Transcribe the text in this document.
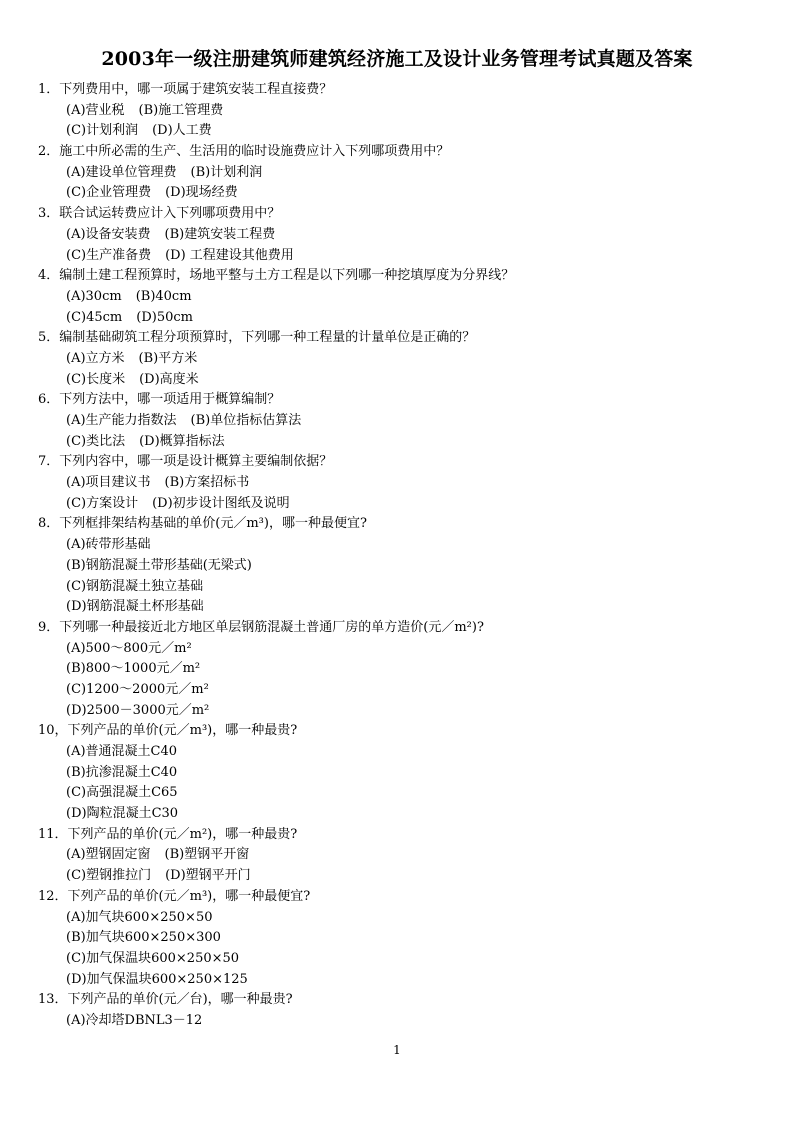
2003年一级注册建筑师建筑经济施工及设计业务管理考试真题及答案
1．下列费用中，哪一项属于建筑安装工程直接费？
(A)营业税 (B)施工管理费
(C)计划利润 (D)人工费
2．施工中所必需的生产、生活用的临时设施费应计入下列哪项费用中？
(A)建设单位管理费 (B)计划利润
(C)企业管理费 (D)现场经费
3．联合试运转费应计入下列哪项费用中？
(A)设备安装费 (B)建筑安装工程费
(C)生产准备费 (D) 工程建设其他费用
4．编制土建工程预算时，场地平整与土方工程是以下列哪一种挖填厚度为分界线？
(A)30cm (B)40cm
(C)45cm (D)50cm
5．编制基础砌筑工程分项预算时，下列哪一种工程量的计量单位是正确的？
(A)立方米 (B)平方米
(C)长度米 (D)高度米
6．下列方法中，哪一项适用于概算编制？
(A)生产能力指数法 (B)单位指标估算法
(C)类比法 (D)概算指标法
7．下列内容中，哪一项是设计概算主要编制依据？
(A)项目建议书 (B)方案招标书
(C)方案设计 (D)初步设计图纸及说明
8．下列框排架结构基础的单价(元／m³)，哪一种最便宜?
(A)砖带形基础
(B)钢筋混凝土带形基础(无梁式)
(C)钢筋混凝土独立基础
(D)钢筋混凝土杯形基础
9．下列哪一种最接近北方地区单层钢筋混凝土普通厂房的单方造价(元／m²)?
(A)500～800元／m²
(B)800～1000元／m²
(C)1200～2000元／m²
(D)2500－3000元／m²
10，下列产品的单价(元／m³)，哪一种最贵?
(A)普通混凝土C40
(B)抗渗混凝土C40
(C)高强混凝土C65
(D)陶粒混凝土C30
11．下列产品的单价(元／m²)，哪一种最贵?
(A)塑钢固定窗 (B)塑钢平开窗
(C)塑钢推拉门 (D)塑钢平开门
12．下列产品的单价(元／m³)，哪一种最便宜?
(A)加气块600×250×50
(B)加气块600×250×300
(C)加气保温块600×250×50
(D)加气保温块600×250×125
13．下列产品的单价(元／台)，哪一种最贵?
(A)冷却塔DBNL3－12
1
